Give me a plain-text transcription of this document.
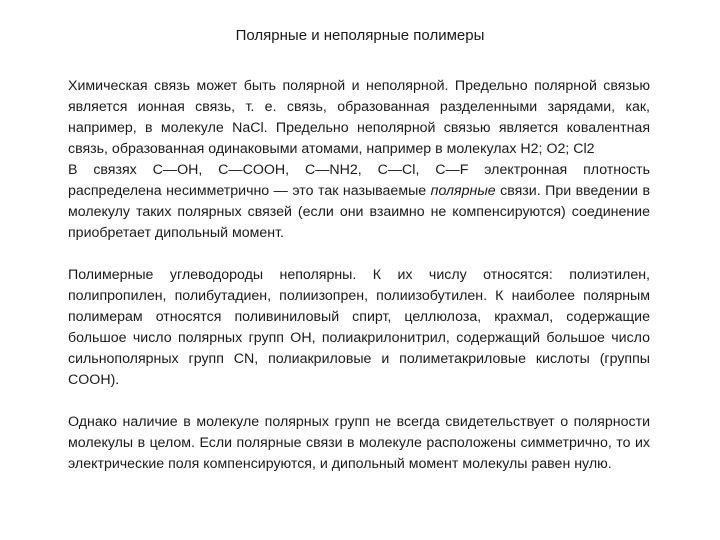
Полярные и неполярные полимеры

Химическая связь может быть полярной и неполярной. Предельно полярной связью является ионная связь, т. е. связь, образованная разделенными зарядами, как, например, в молекуле NaCl. Предельно неполярной связью является ковалентная связь, образованная одинаковыми атомами, например в молекулах H2; O2; Cl2

В связях C—OH, C—COOH, C—NH2, C—Cl, C—F электронная плотность распределена несимметрично — это так называемые полярные связи. При введении в молекулу таких полярных связей (если они взаимно не компенсируются) соединение приобретает дипольный момент.

Полимерные углеводороды неполярны. К их числу относятся: полиэтилен, полипропилен, полибутадиен, полиизопрен, полиизобутилен. К наиболее полярным полимерам относятся поливиниловый спирт, целлюлоза, крахмал, содержащие большое число полярных групп OH, полиакрилонитрил, содержащий большое число сильнополярных групп CN, полиакриловые и полиметакриловые кислоты (группы COOH).

Однако наличие в молекуле полярных групп не всегда свидетельствует о полярности молекулы в целом. Если полярные связи в молекуле расположены симметрично, то их электрические поля компенсируются, и дипольный момент молекулы равен нулю.
